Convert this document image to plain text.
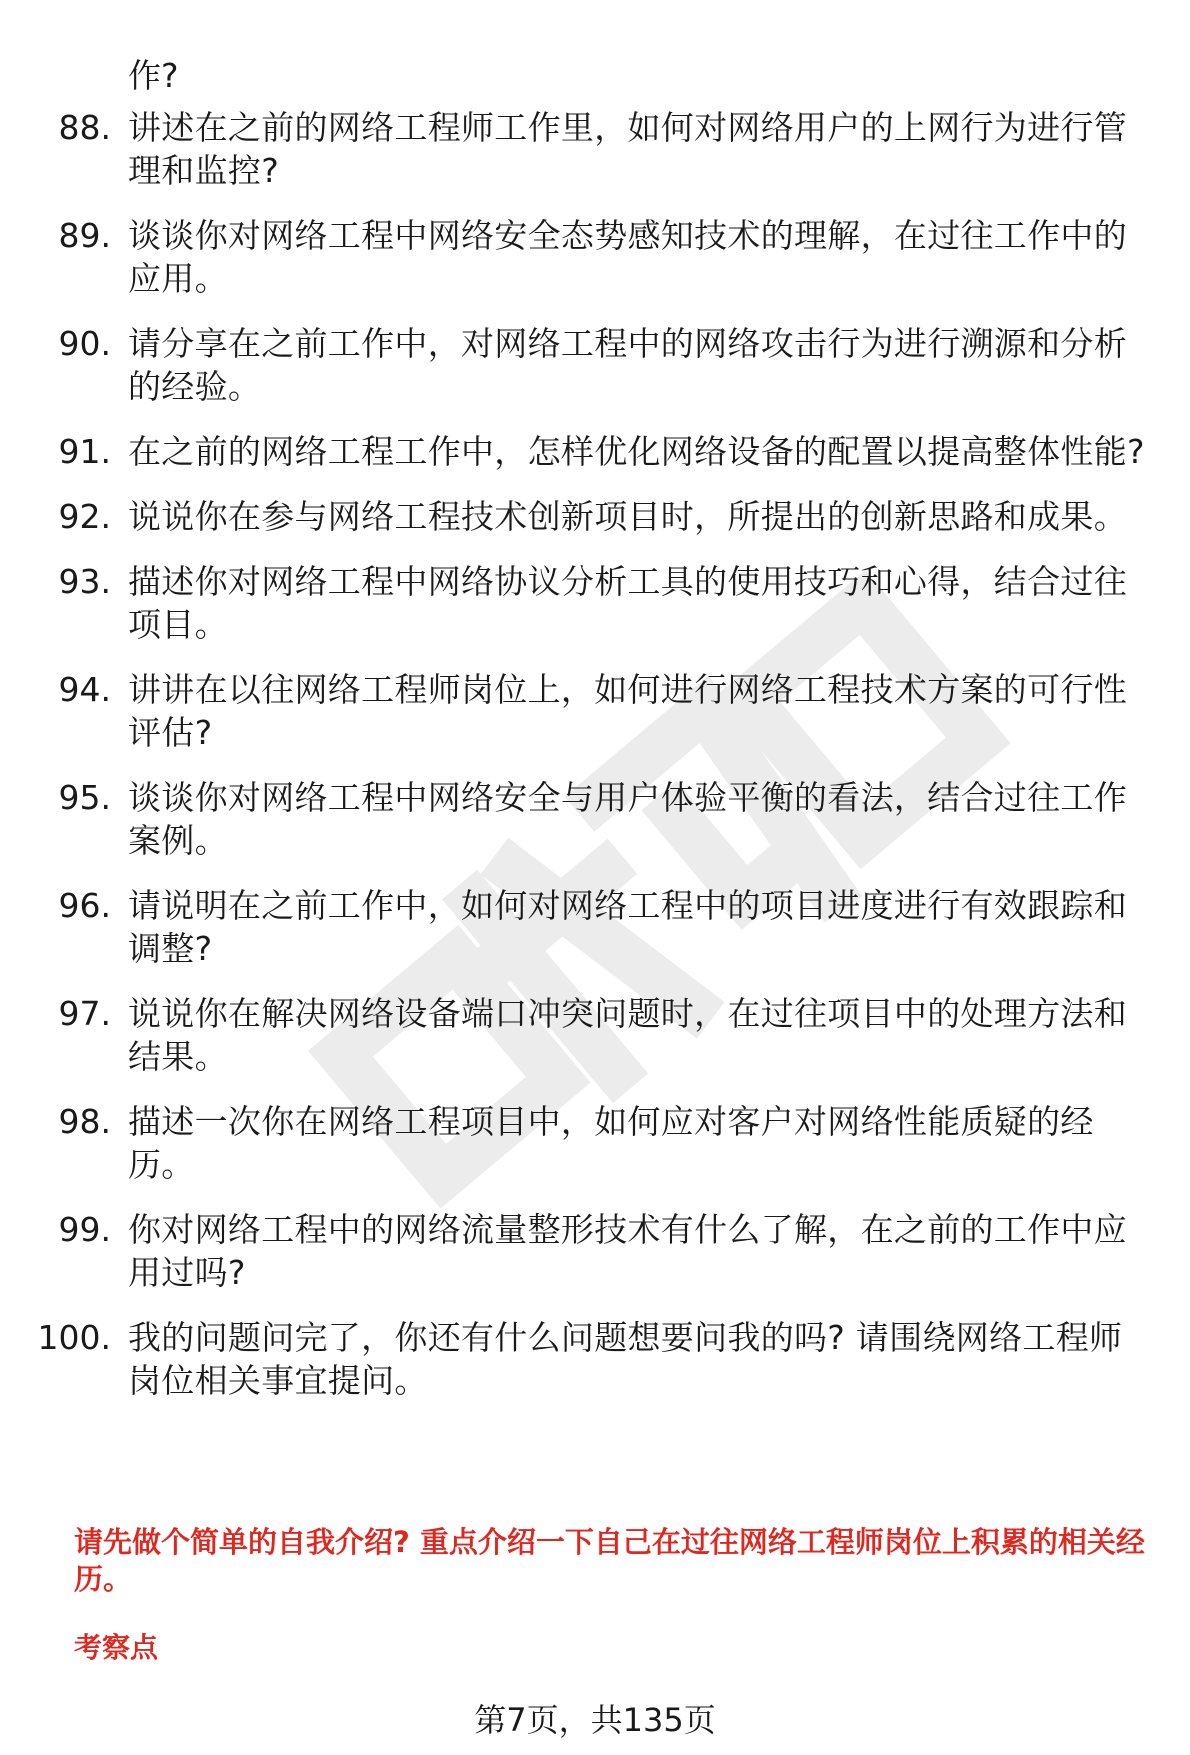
作?
88. 讲述在之前的网络工程师工作里，如何对网络用户的上网行为进行管理和监控?
89. 谈谈你对网络工程中网络安全态势感知技术的理解，在过往工作中的应用。
90. 请分享在之前工作中，对网络工程中的网络攻击行为进行溯源和分析的经验。
91. 在之前的网络工程工作中，怎样优化网络设备的配置以提高整体性能?
92. 说说你在参与网络工程技术创新项目时，所提出的创新思路和成果。
93. 描述你对网络工程中网络协议分析工具的使用技巧和心得，结合过往项目。
94. 讲讲在以往网络工程师岗位上，如何进行网络工程技术方案的可行性评估?
95. 谈谈你对网络工程中网络安全与用户体验平衡的看法，结合过往工作案例。
96. 请说明在之前工作中，如何对网络工程中的项目进度进行有效跟踪和调整?
97. 说说你在解决网络设备端口冲突问题时，在过往项目中的处理方法和结果。
98. 描述一次你在网络工程项目中，如何应对客户对网络性能质疑的经历。
99. 你对网络工程中的网络流量整形技术有什么了解，在之前的工作中应用过吗?
100. 我的问题问完了，你还有什么问题想要问我的吗? 请围绕网络工程师岗位相关事宜提问。
请先做个简单的自我介绍? 重点介绍一下自己在过往网络工程师岗位上积累的相关经历。
考察点
第7页，共135页
